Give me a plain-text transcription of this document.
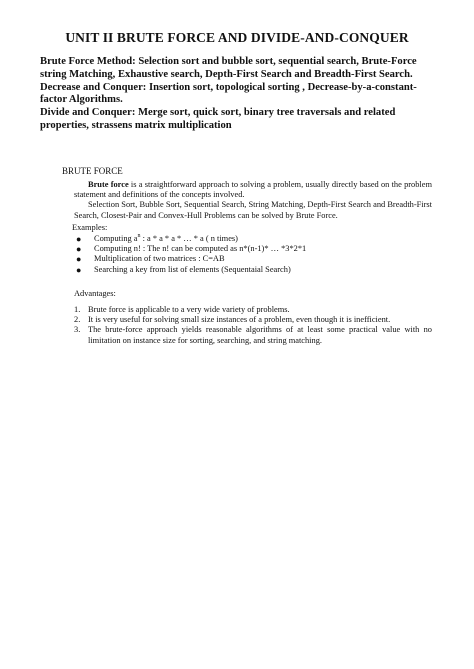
UNIT II BRUTE FORCE AND DIVIDE-AND-CONQUER

Brute Force Method: Selection sort and bubble sort, sequential search, Brute-Force string Matching, Exhaustive search, Depth-First Search and Breadth-First Search.

Decrease and Conquer: Insertion sort, topological sorting , Decrease-by-a-constant-factor Algorithms.

Divide and Conquer: Merge sort, quick sort, binary tree traversals and related properties, strassens matrix multiplication

BRUTE FORCE

Brute force is a straightforward approach to solving a problem, usually directly based on the problem statement and definitions of the concepts involved.

Selection Sort, Bubble Sort, Sequential Search, String Matching, Depth-First Search and Breadth-First Search, Closest-Pair and Convex-Hull Problems can be solved by Brute Force.

Examples:

● Computing $a^n$ : a * a * a * … * a ( n times)
● Computing n! : The n! can be computed as n*(n-1)* … *3*2*1
● Multiplication of two matrices : C=AB
● Searching a key from list of elements (Sequentaial Search)

Advantages:

1. Brute force is applicable to a very wide variety of problems.
2. It is very useful for solving small size instances of a problem, even though it is inefficient.
3. The brute-force approach yields reasonable algorithms of at least some practical value with no limitation on instance size for sorting, searching, and string matching.
